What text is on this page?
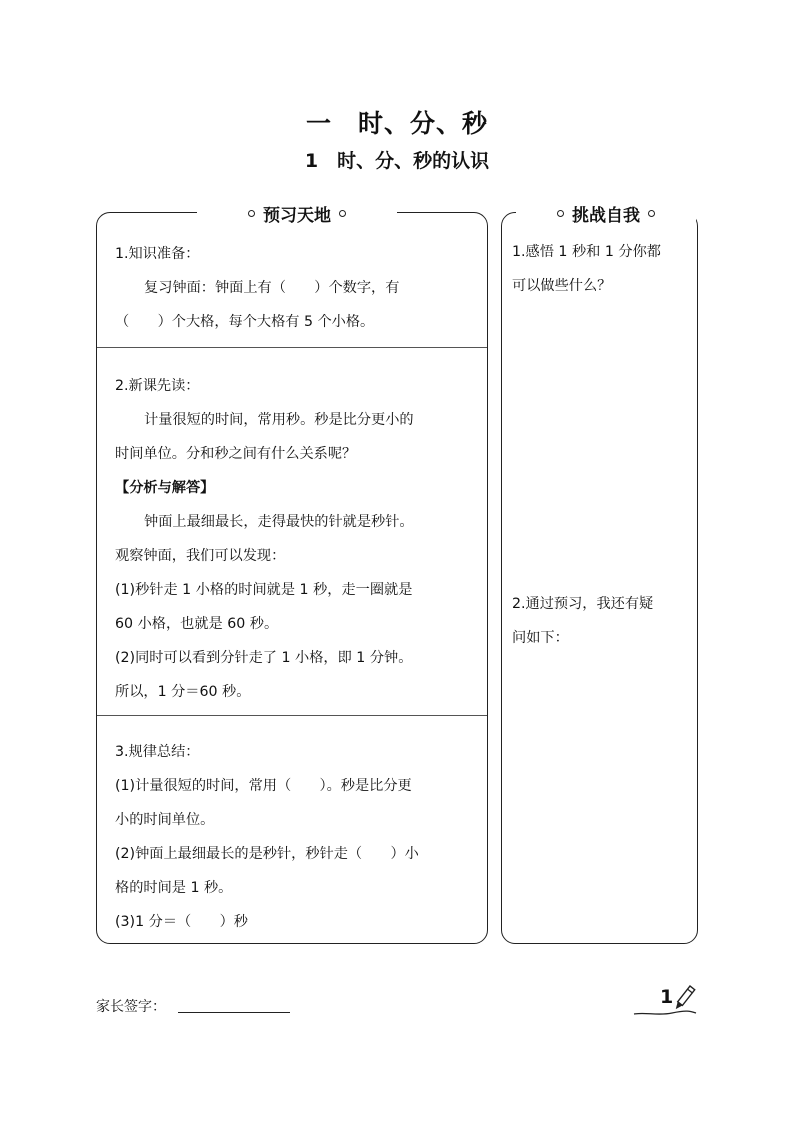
一　时、分、秒
1　时、分、秒的认识
预习天地
1.知识准备：
复习钟面：钟面上有（　　）个数字，有
（　　）个大格，每个大格有 5 个小格。
2.新课先读：
计量很短的时间，常用秒。秒是比分更小的
时间单位。分和秒之间有什么关系呢？
【分析与解答】
钟面上最细最长，走得最快的针就是秒针。
观察钟面，我们可以发现：
(1)秒针走 1 小格的时间就是 1 秒，走一圈就是
60 小格，也就是 60 秒。
(2)同时可以看到分针走了 1 小格，即 1 分钟。
所以，1 分＝60 秒。
3.规律总结：
(1)计量很短的时间，常用（　　）。秒是比分更
小的时间单位。
(2)钟面上最细最长的是秒针，秒针走（　　）小
格的时间是 1 秒。
(3)1 分＝（　　）秒
挑战自我
1.感悟 1 秒和 1 分你都
可以做些什么？
2.通过预习，我还有疑
问如下：
家长签字：	1
